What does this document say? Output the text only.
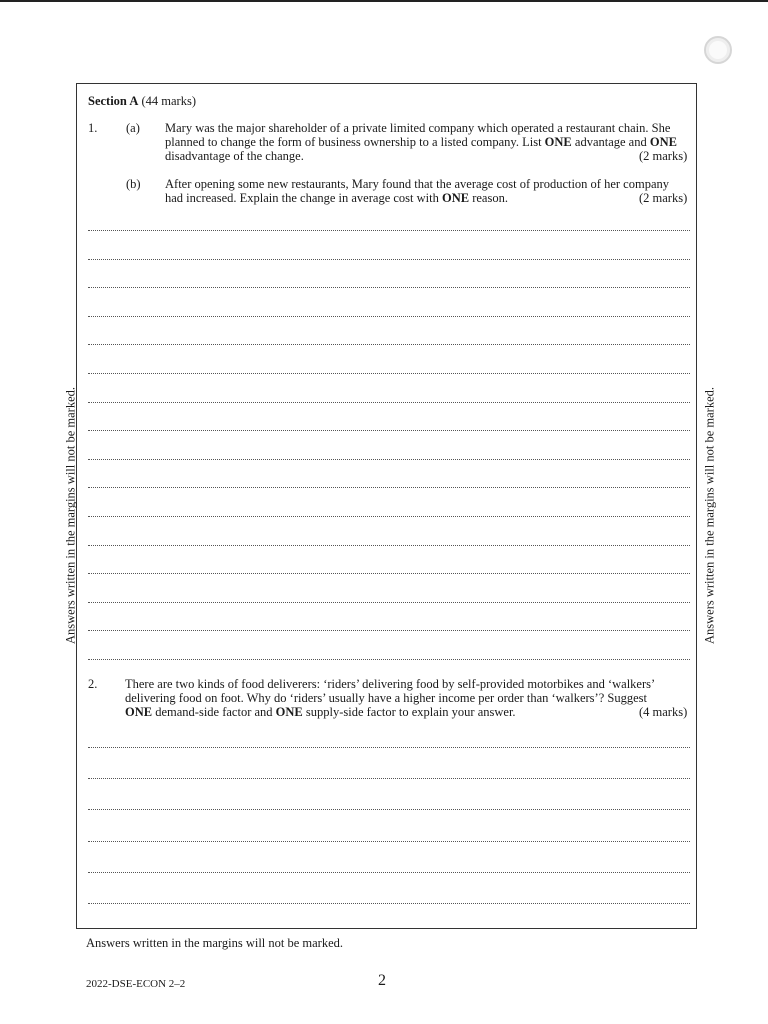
Section A (44 marks)
1. (a) Mary was the major shareholder of a private limited company which operated a restaurant chain. She
planned to change the form of business ownership to a listed company. List ONE advantage and ONE
disadvantage of the change.	(2 marks)
(b) After opening some new restaurants, Mary found that the average cost of production of her company
had increased. Explain the change in average cost with ONE reason.	(2 marks)
2. There are two kinds of food deliverers: ‘riders’ delivering food by self-provided motorbikes and ‘walkers’
delivering food on foot. Why do ‘riders’ usually have a higher income per order than ‘walkers’? Suggest
ONE demand-side factor and ONE supply-side factor to explain your answer.	(4 marks)
Answers written in the margins will not be marked.	Answers written in the margins will not be marked.
Answers written in the margins will not be marked.
2022-DSE-ECON 2–2	2
